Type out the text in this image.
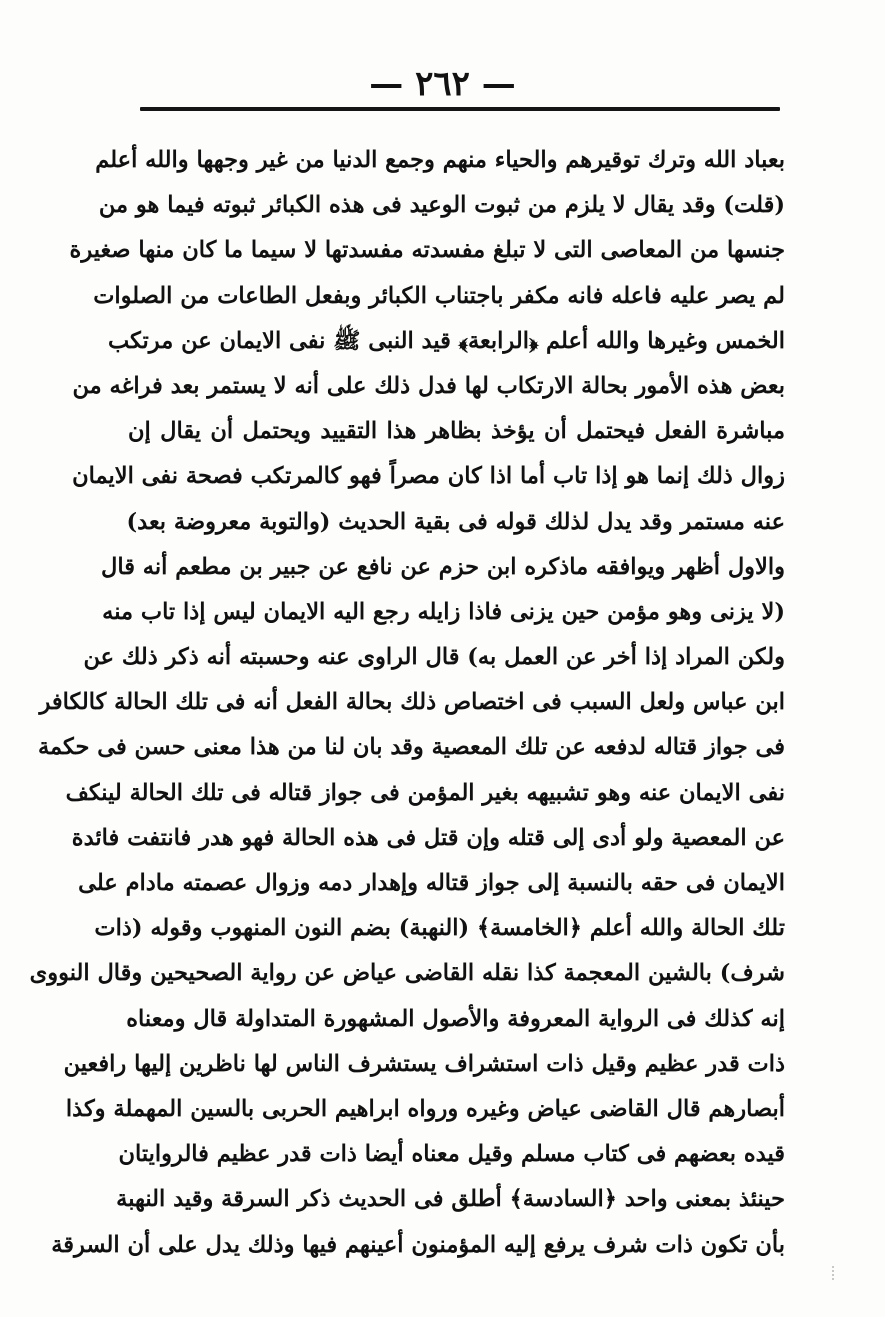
— ٢٦٢ —
بعباد الله وترك توقيرهم والحياء منهم وجمع الدنيا من غير وجهها والله أعلم
(قلت) وقد يقال لا يلزم من ثبوت الوعيد فى هذه الكبائر ثبوته فيما هو من
جنسها من المعاصى التى لا تبلغ مفسدته مفسدتها لا سيما ما كان منها صغيرة
لم يصر عليه فاعله فانه مكفر باجتناب الكبائر وبفعل الطاعات من الصلوات
الخمس وغيرها والله أعلم ﴿الرابعة﴾ قيد النبى ﷺ نفى الايمان عن مرتكب
بعض هذه الأمور بحالة الارتكاب لها فدل ذلك على أنه لا يستمر بعد فراغه من
مباشرة الفعل فيحتمل أن يؤخذ بظاهر هذا التقييد ويحتمل أن يقال إن
زوال ذلك إنما هو إذا تاب أما اذا كان مصراً فهو كالمرتكب فصحة نفى الايمان
عنه مستمر وقد يدل لذلك قوله فى بقية الحديث (والتوبة معروضة بعد)
والاول أظهر ويوافقه ماذكره ابن حزم عن نافع عن جبير بن مطعم أنه قال
(لا يزنى وهو مؤمن حين يزنى فاذا زايله رجع اليه الايمان ليس إذا تاب منه
ولكن المراد إذا أخر عن العمل به) قال الراوى عنه وحسبته أنه ذكر ذلك عن
ابن عباس ولعل السبب فى اختصاص ذلك بحالة الفعل أنه فى تلك الحالة كالكافر
فى جواز قتاله لدفعه عن تلك المعصية وقد بان لنا من هذا معنى حسن فى حكمة
نفى الايمان عنه وهو تشبيهه بغير المؤمن فى جواز قتاله فى تلك الحالة لينكف
عن المعصية ولو أدى إلى قتله وإن قتل فى هذه الحالة فهو هدر فانتفت فائدة
الايمان فى حقه بالنسبة إلى جواز قتاله وإهدار دمه وزوال عصمته مادام على
تلك الحالة والله أعلم ﴿الخامسة﴾ (النهبة) بضم النون المنهوب وقوله (ذات
شرف) بالشين المعجمة كذا نقله القاضى عياض عن رواية الصحيحين وقال النووى
إنه كذلك فى الرواية المعروفة والأصول المشهورة المتداولة قال ومعناه
ذات قدر عظيم وقيل ذات استشراف يستشرف الناس لها ناظرين إليها رافعين
أبصارهم قال القاضى عياض وغيره ورواه ابراهيم الحربى بالسين المهملة وكذا
قيده بعضهم فى كتاب مسلم وقيل معناه أيضا ذات قدر عظيم فالروايتان
حينئذ بمعنى واحد ﴿السادسة﴾ أطلق فى الحديث ذكر السرقة وقيد النهبة
بأن تكون ذات شرف يرفع إليه المؤمنون أعينهم فيها وذلك يدل على أن السرقة
